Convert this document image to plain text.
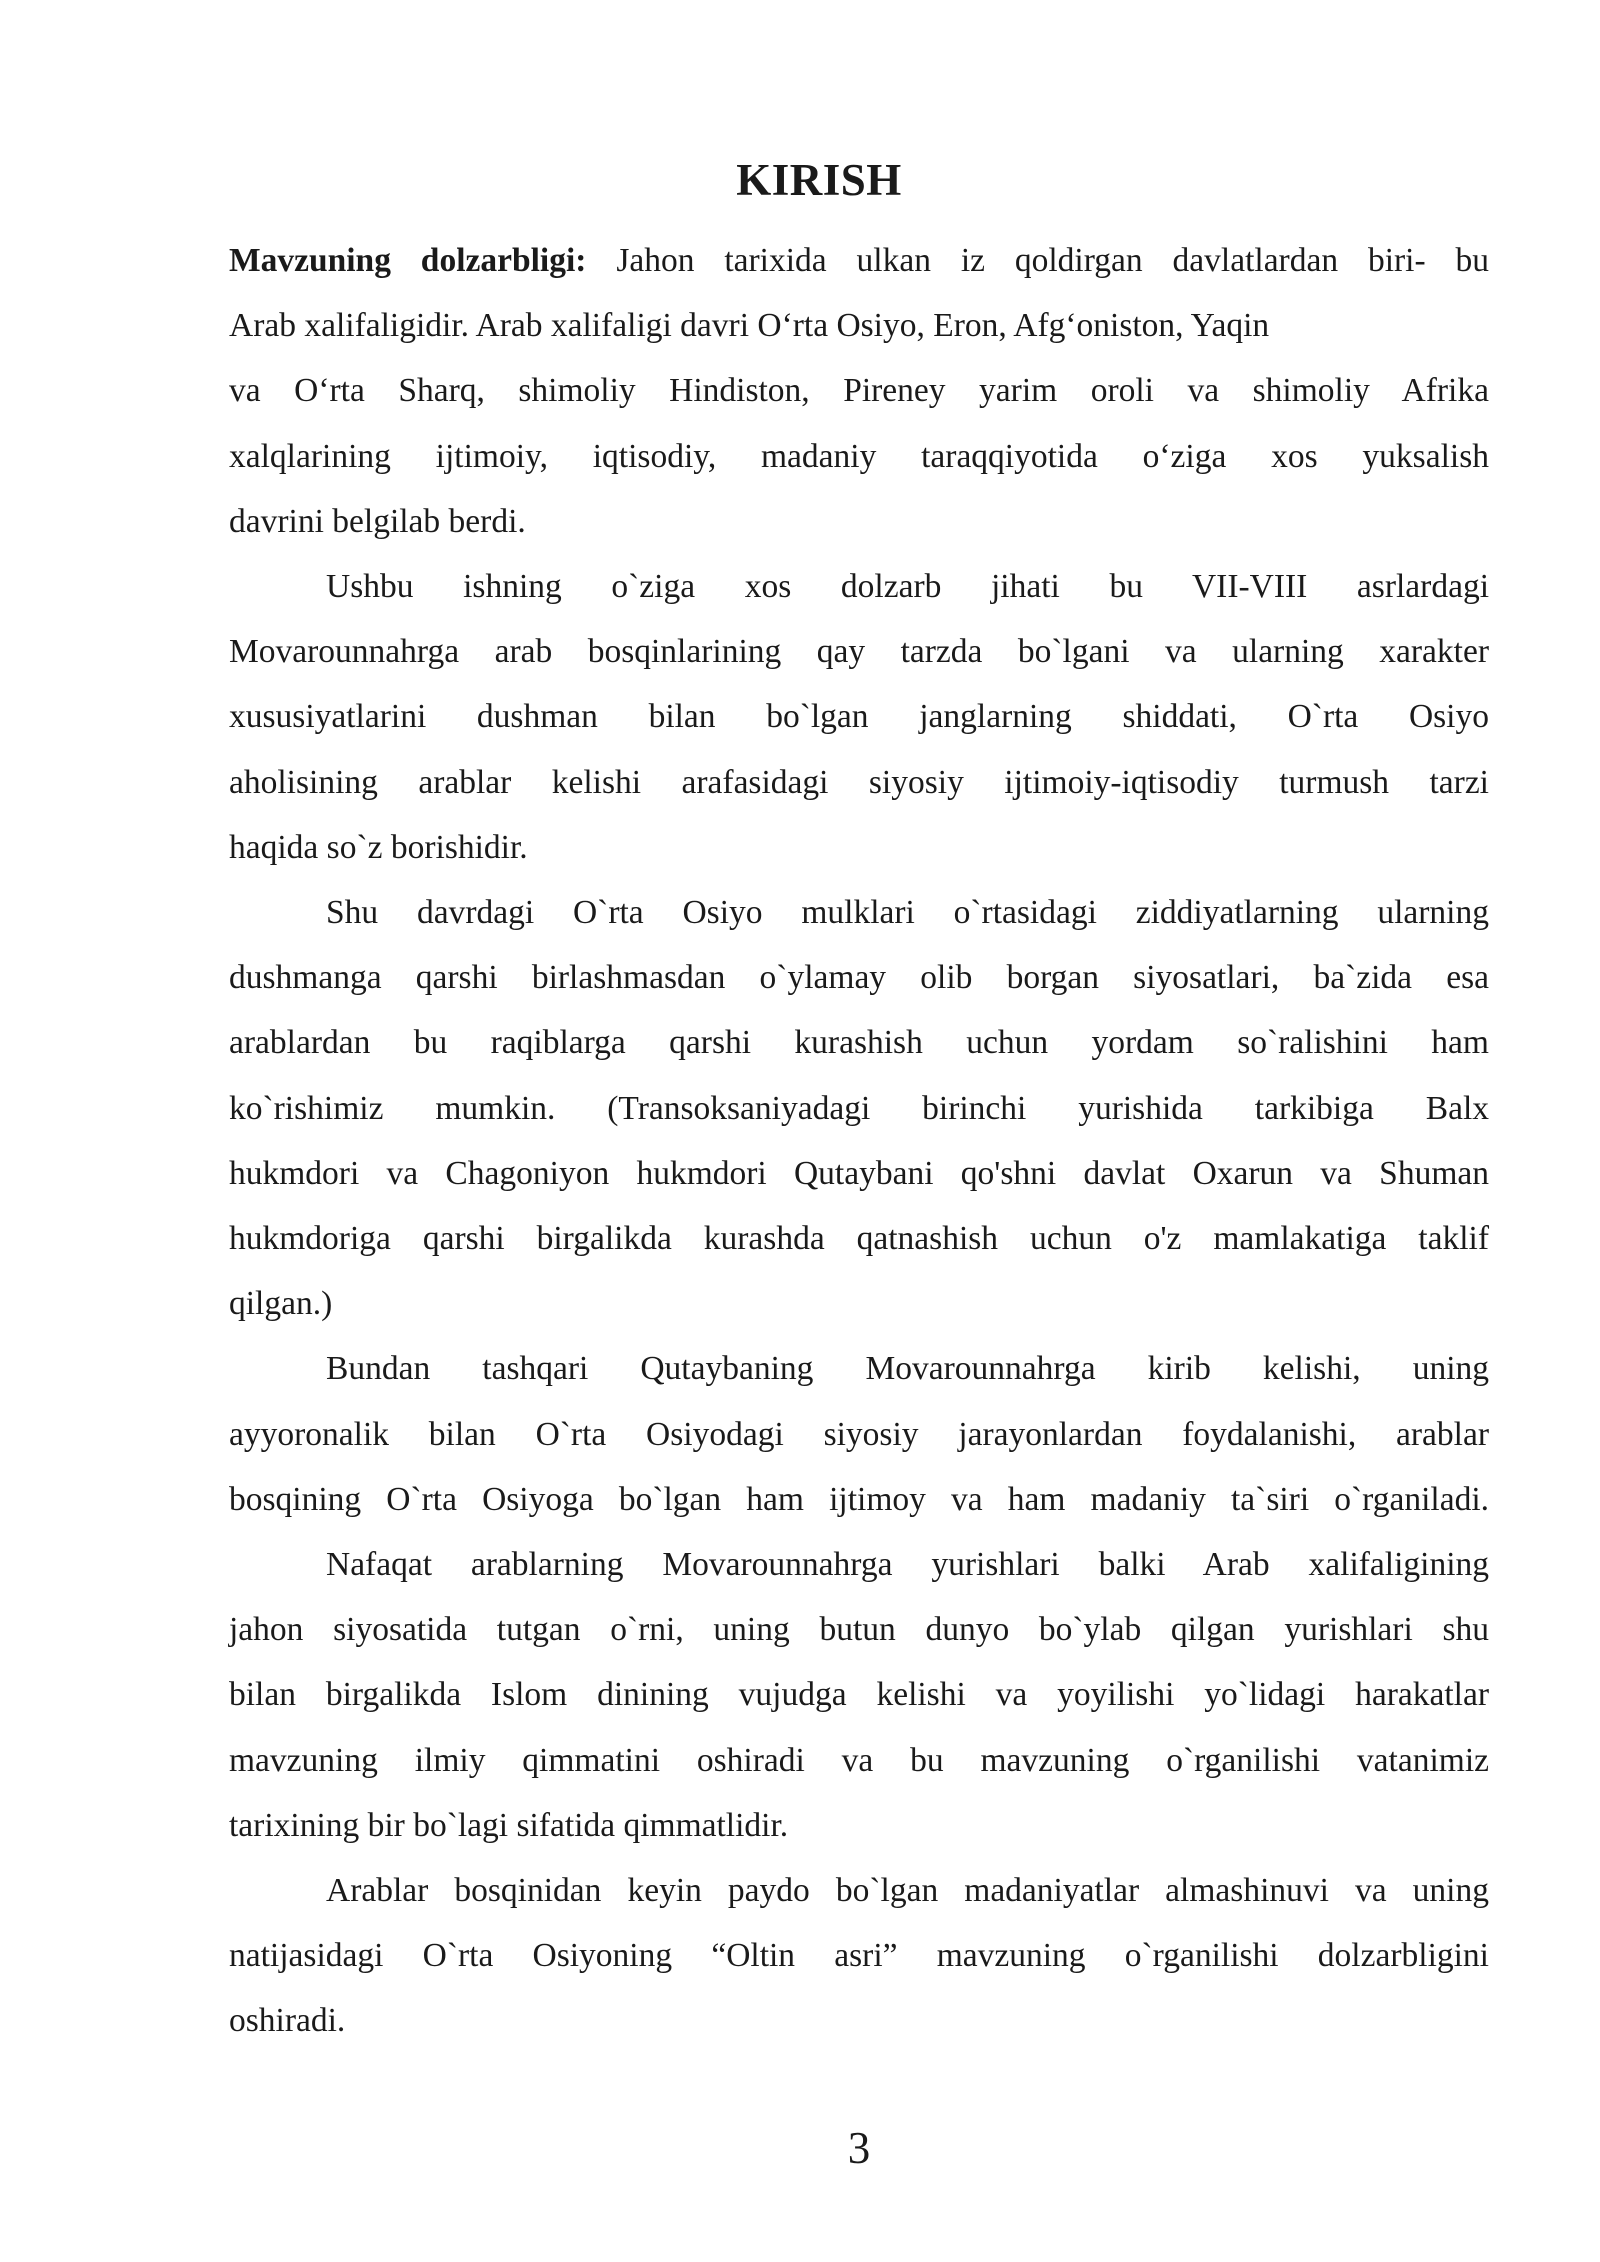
KIRISH
Mavzuning dolzarbligi: Jahon tarixida ulkan iz qoldirgan davlatlardan biri- bu
Arab xalifaligidir. Arab xalifaligi davri O‘rta Osiyo, Eron, Afg‘oniston, Yaqin
va O‘rta Sharq, shimoliy Hindiston, Pireney yarim oroli va shimoliy Afrika
xalqlarining ijtimoiy, iqtisodiy, madaniy taraqqiyotida o‘ziga xos yuksalish
davrini belgilab berdi.
Ushbu ishning o`ziga xos dolzarb jihati bu VII-VIII asrlardagi
Movarounnahrga arab bosqinlarining qay tarzda bo`lgani va ularning xarakter
xususiyatlarini dushman bilan bo`lgan janglarning shiddati, O`rta Osiyo
aholisining arablar kelishi arafasidagi siyosiy ijtimoiy-iqtisodiy turmush tarzi
haqida so`z borishidir.
Shu davrdagi O`rta Osiyo mulklari o`rtasidagi ziddiyatlarning ularning
dushmanga qarshi birlashmasdan o`ylamay olib borgan siyosatlari, ba`zida esa
arablardan bu raqiblarga qarshi kurashish uchun yordam so`ralishini ham
ko`rishimiz mumkin. (Transoksaniyadagi birinchi yurishida tarkibiga Balx
hukmdori va Chagoniyon hukmdori Qutaybani qo'shni davlat Oxarun va Shuman
hukmdoriga qarshi birgalikda kurashda qatnashish uchun o'z mamlakatiga taklif
qilgan.)
Bundan tashqari Qutaybaning Movarounnahrga kirib kelishi, uning
ayyoronalik bilan O`rta Osiyodagi siyosiy jarayonlardan foydalanishi, arablar
bosqining O`rta Osiyoga bo`lgan ham ijtimoy va ham madaniy ta`siri o`rganiladi.
Nafaqat arablarning Movarounnahrga yurishlari balki Arab xalifaligining
jahon siyosatida tutgan o`rni, uning butun dunyo bo`ylab qilgan yurishlari shu
bilan birgalikda Islom dinining vujudga kelishi va yoyilishi yo`lidagi harakatlar
mavzuning ilmiy qimmatini oshiradi va bu mavzuning o`rganilishi vatanimiz
tarixining bir bo`lagi sifatida qimmatlidir.
Arablar bosqinidan keyin paydo bo`lgan madaniyatlar almashinuvi va uning
natijasidagi O`rta Osiyoning “Oltin asri” mavzuning o`rganilishi dolzarbligini
oshiradi.
3
